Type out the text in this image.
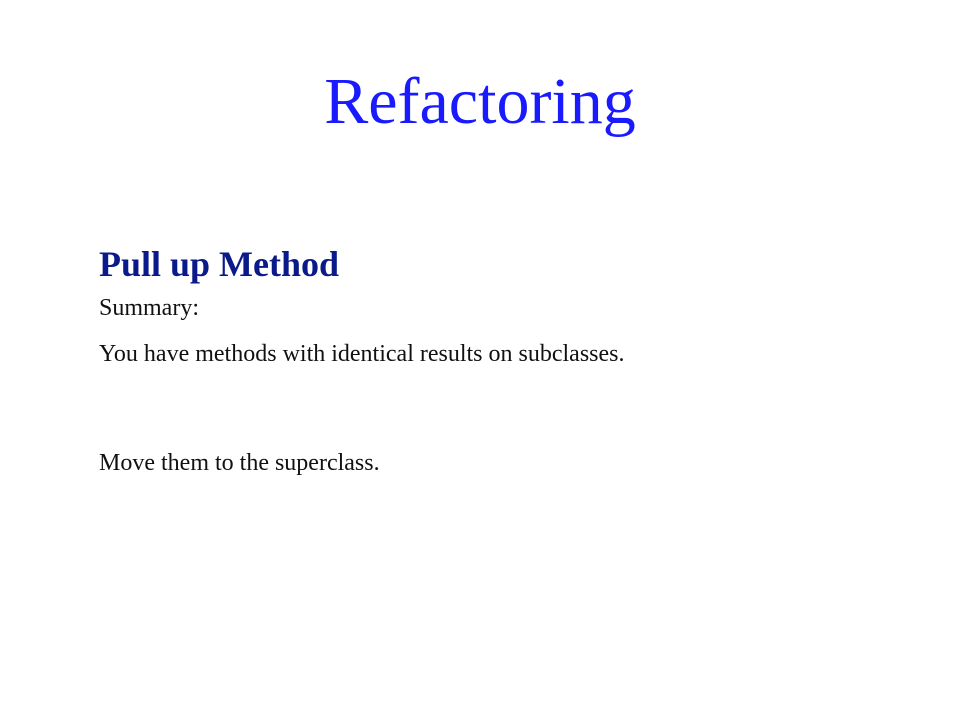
Refactoring
Pull up Method

Summary:

You have methods with identical results on subclasses.

Move them to the superclass.
